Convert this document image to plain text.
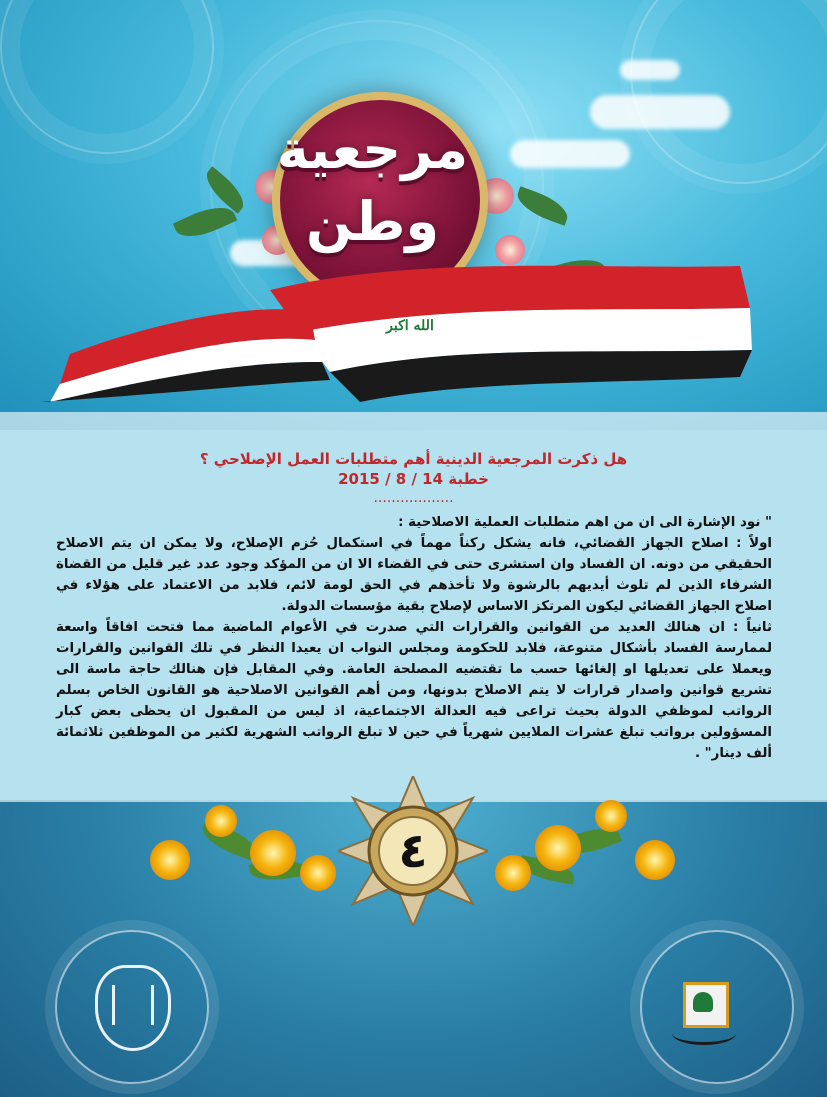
مرجعية
وطن
الله اكبر
هل ذكرت المرجعية الدينية أهم متطلبات العمل الإصلاحي ؟
خطبة 14 / 8 / 2015
..................

" نود الإشارة الى ان من اهم متطلبات العملية الاصلاحية :

اولاً : اصلاح الجهاز القضائي، فانه يشكل ركناً مهماً في استكمال حُزم الإصلاح، ولا يمكن ان يتم الاصلاح الحقيقي من دونه. ان الفساد وان استشرى حتى في القضاء الا ان من المؤكد وجود عدد غير قليل من القضاة الشرفاء الذين لم تلوث أيديهم بالرشوة ولا تأخذهم في الحق لومة لائم، فلابد من الاعتماد على هؤلاء في اصلاح الجهاز القضائي ليكون المرتكز الاساس لإصلاح بقية مؤسسات الدولة.

ثانياً : ان هنالك العديد من القوانين والقرارات التي صدرت في الأعوام الماضية مما فتحت افاقاً واسعة لممارسة الفساد بأشكال متنوعة، فلابد للحكومة ومجلس النواب ان يعيدا النظر في تلك القوانين والقرارات ويعملا على تعديلها او إلغائها حسب ما تقتضيه المصلحة العامة. وفي المقابل فإن هنالك حاجة ماسة الى تشريع قوانين واصدار قرارات لا يتم الاصلاح بدونها، ومن أهم القوانين الاصلاحية هو القانون الخاص بسلم الرواتب لموظفي الدولة بحيث تراعى فيه العدالة الاجتماعية، اذ ليس من المقبول ان يحظى بعض كبار المسؤولين برواتب تبلغ عشرات الملايين شهرياً في حين لا تبلغ الرواتب الشهرية لكثير من الموظفين ثلاثمائة ألف دينار" .

٤
